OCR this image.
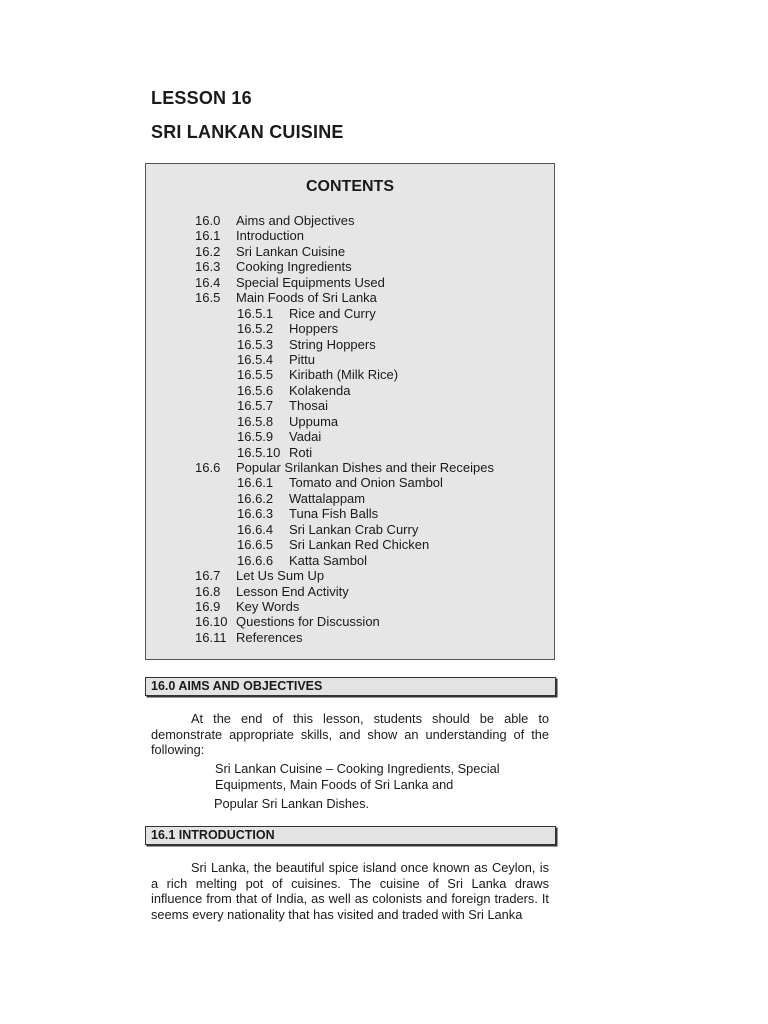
LESSON 16
SRI LANKAN CUISINE
CONTENTS
16.0 Aims and Objectives
16.1 Introduction
16.2 Sri Lankan Cuisine
16.3 Cooking Ingredients
16.4 Special Equipments Used
16.5 Main Foods of Sri Lanka
16.5.1 Rice and Curry
16.5.2 Hoppers
16.5.3 String Hoppers
16.5.4 Pittu
16.5.5 Kiribath (Milk Rice)
16.5.6 Kolakenda
16.5.7 Thosai
16.5.8 Uppuma
16.5.9 Vadai
16.5.10 Roti
16.6 Popular Srilankan Dishes and their Receipes
16.6.1 Tomato and Onion Sambol
16.6.2 Wattalappam
16.6.3 Tuna Fish Balls
16.6.4 Sri Lankan Crab Curry
16.6.5 Sri Lankan Red Chicken
16.6.6 Katta Sambol
16.7 Let Us Sum Up
16.8 Lesson End Activity
16.9 Key Words
16.10 Questions for Discussion
16.11 References
16.0 AIMS AND OBJECTIVES

At the end of this lesson, students should be able to demonstrate appropriate skills, and show an understanding of the following:

Sri Lankan Cuisine – Cooking Ingredients, Special Equipments, Main Foods of Sri Lanka and

Popular Sri Lankan Dishes.

16.1 INTRODUCTION

Sri Lanka, the beautiful spice island once known as Ceylon, is a rich melting pot of cuisines. The cuisine of Sri Lanka draws influence from that of India, as well as colonists and foreign traders. It seems every nationality that has visited and traded with Sri Lanka
